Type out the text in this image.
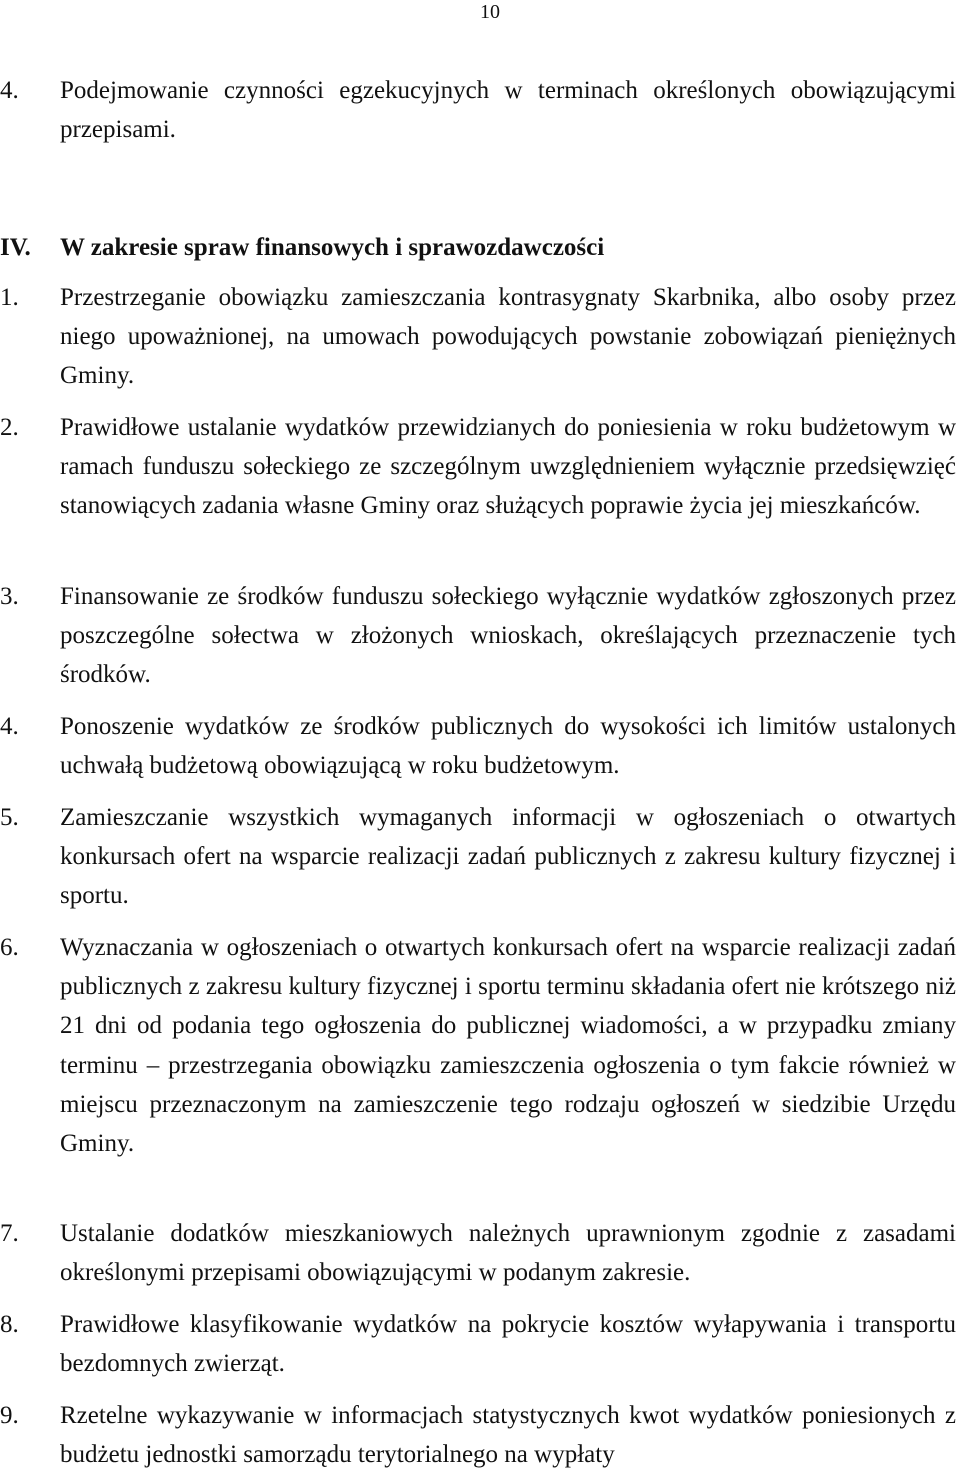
10
4. Podejmowanie czynności egzekucyjnych w terminach określonych obowiązującymi przepisami.
IV. W zakresie spraw finansowych i sprawozdawczości
1. Przestrzeganie obowiązku zamieszczania kontrasygnaty Skarbnika, albo osoby przez niego upoważnionej, na umowach powodujących powstanie zobowiązań pieniężnych Gminy.
2. Prawidłowe ustalanie wydatków przewidzianych do poniesienia w roku budżetowym w ramach funduszu sołeckiego ze szczególnym uwzględnieniem wyłącznie przedsięwzięć stanowiących zadania własne Gminy oraz służących poprawie życia jej mieszkańców.
3. Finansowanie ze środków funduszu sołeckiego wyłącznie wydatków zgłoszonych przez poszczególne sołectwa w złożonych wnioskach, określających przeznaczenie tych środków.
4. Ponoszenie wydatków ze środków publicznych do wysokości ich limitów ustalonych uchwałą budżetową obowiązującą w roku budżetowym.
5. Zamieszczanie wszystkich wymaganych informacji w ogłoszeniach o otwartych konkursach ofert na wsparcie realizacji zadań publicznych z zakresu kultury fizycznej i sportu.
6. Wyznaczania w ogłoszeniach o otwartych konkursach ofert na wsparcie realizacji zadań publicznych z zakresu kultury fizycznej i sportu terminu składania ofert nie krótszego niż 21 dni od podania tego ogłoszenia do publicznej wiadomości, a w przypadku zmiany terminu – przestrzegania obowiązku zamieszczenia ogłoszenia o tym fakcie również w miejscu przeznaczonym na zamieszczenie tego rodzaju ogłoszeń w siedzibie Urzędu Gminy.
7. Ustalanie dodatków mieszkaniowych należnych uprawnionym zgodnie z zasadami określonymi przepisami obowiązującymi w podanym zakresie.
8. Prawidłowe klasyfikowanie wydatków na pokrycie kosztów wyłapywania i transportu bezdomnych zwierząt.
9. Rzetelne wykazywanie w informacjach statystycznych kwot wydatków poniesionych z budżetu jednostki samorządu terytorialnego na wypłaty
